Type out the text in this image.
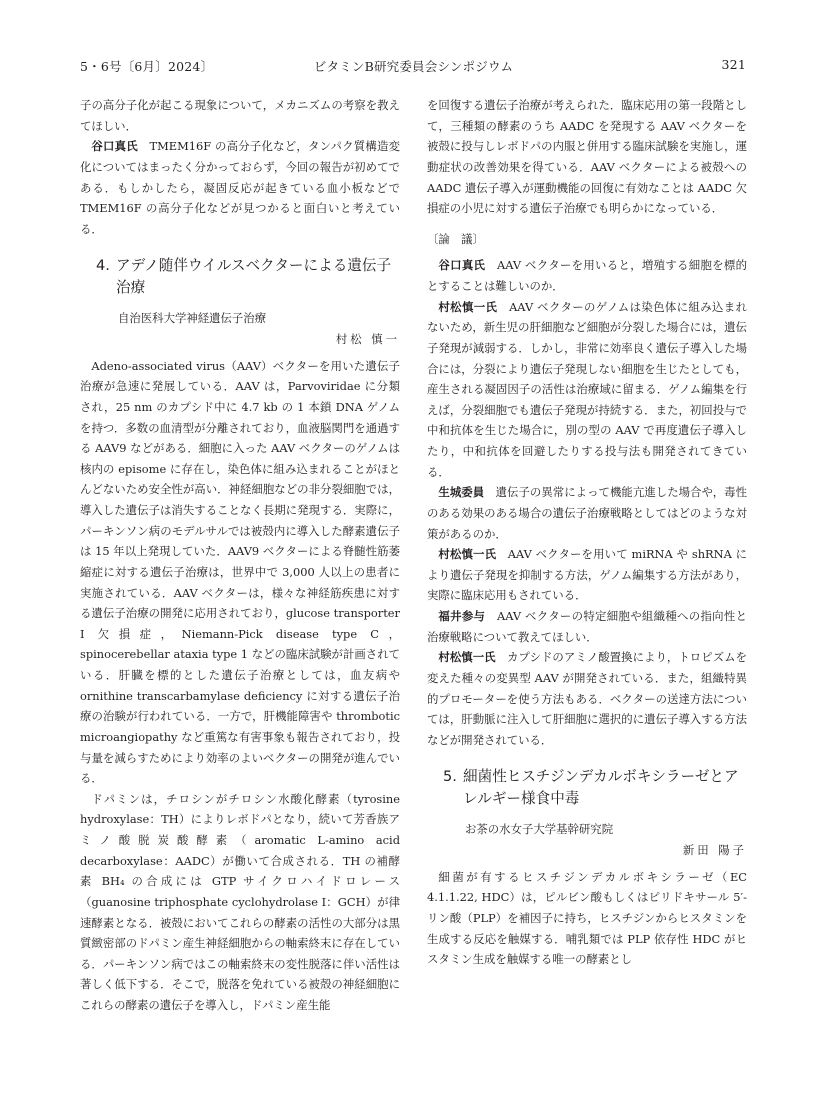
5・6号〔6月〕2024〕	ビタミンB研究委員会シンポジウム	321

子の高分子化が起こる現象について，メカニズムの考察を教えてほしい．

谷口真氏　 TMEM16F の高分子化など，タンパク質構造変化についてはまったく分かっておらず，今回の報告が初めてである．もしかしたら，凝固反応が起きている血小板などで TMEM16F の高分子化などが見つかると面白いと考えている．

4. アデノ随伴ウイルスベクターによる遺伝子治療

自治医科大学神経遺伝子治療

村松 慎一

Adeno-associated virus（AAV）ベクターを用いた遺伝子治療が急速に発展している．AAV は，Parvoviridae に分類され，25 nm のカプシド中に 4.7 kb の 1 本鎖 DNA ゲノムを持つ．多数の血清型が分離されており，血液脳関門を通過する AAV9 などがある．細胞に入った AAV ベクターのゲノムは核内の episome に存在し，染色体に組み込まれることがほとんどないため安全性が高い．神経細胞などの非分裂細胞では，導入した遺伝子は消失することなく長期に発現する．実際に，パーキンソン病のモデルサルでは被殻内に導入した酵素遺伝子は 15 年以上発現していた．AAV9 ベクターによる脊髄性筋萎縮症に対する遺伝子治療は，世界中で 3,000 人以上の患者に実施されている．AAV ベクターは，様々な神経筋疾患に対する遺伝子治療の開発に応用されており，glucose transporter I 欠損症，Niemann-Pick disease type C，spinocerebellar ataxia type 1 などの臨床試験が計画されている．肝臓を標的とした遺伝子治療としては，血友病や ornithine transcarbamylase deficiency に対する遺伝子治療の治験が行われている．一方で，肝機能障害や thrombotic microangiopathy など重篤な有害事象も報告されており，投与量を減らすためにより効率のよいベクターの開発が進んでいる．

ドパミンは，チロシンがチロシン水酸化酵素（tyrosine hydroxylase：TH）によりレボドパとなり，続いて芳香族アミノ酸脱炭酸酵素（aromatic L-amino acid decarboxylase：AADC）が働いて合成される．TH の補酵素 BH₄ の合成には GTP サイクロハイドロレース（guanosine triphosphate cyclohydrolase I：GCH）が律速酵素となる．被殻においてこれらの酵素の活性の大部分は黒質緻密部のドパミン産生神経細胞からの軸索終末に存在している．パーキンソン病ではこの軸索終末の変性脱落に伴い活性は著しく低下する．そこで，脱落を免れている被殻の神経細胞にこれらの酵素の遺伝子を導入し，ドパミン産生能

を回復する遺伝子治療が考えられた．臨床応用の第一段階として，三種類の酵素のうち AADC を発現する AAV ベクターを被殻に投与しレボドパの内服と併用する臨床試験を実施し，運動症状の改善効果を得ている．AAV ベクターによる被殻への AADC 遺伝子導入が運動機能の回復に有効なことは AADC 欠損症の小児に対する遺伝子治療でも明らかになっている．

〔論　議〕

谷口真氏　 AAV ベクターを用いると，増殖する細胞を標的とすることは難しいのか．

村松慎一氏　 AAV ベクターのゲノムは染色体に組み込まれないため，新生児の肝細胞など細胞が分裂した場合には，遺伝子発現が減弱する．しかし，非常に効率良く遺伝子導入した場合には，分裂により遺伝子発現しない細胞を生じたとしても，産生される凝固因子の活性は治療域に留まる．ゲノム編集を行えば，分裂細胞でも遺伝子発現が持続する．また，初回投与で中和抗体を生じた場合に，別の型の AAV で再度遺伝子導入したり，中和抗体を回避したりする投与法も開発されてきている．

生城委員　 遺伝子の異常によって機能亢進した場合や，毒性のある効果のある場合の遺伝子治療戦略としてはどのような対策があるのか．

村松慎一氏　 AAV ベクターを用いて miRNA や shRNA により遺伝子発現を抑制する方法，ゲノム編集する方法があり，実際に臨床応用もされている．

福井参与　 AAV ベクターの特定細胞や組織種への指向性と治療戦略について教えてほしい．

村松慎一氏　 カプシドのアミノ酸置換により，トロピズムを変えた種々の変異型 AAV が開発されている．また，組織特異的プロモーターを使う方法もある．ベクターの送達方法については，肝動脈に注入して肝細胞に選択的に遺伝子導入する方法などが開発されている．

5. 細菌性ヒスチジンデカルボキシラーゼとアレルギー様食中毒

お茶の水女子大学基幹研究院

新田 陽子

細菌が有するヒスチジンデカルボキシラーゼ（EC 4.1.1.22, HDC）は，ピルビン酸もしくはピリドキサール 5′-リン酸（PLP）を補因子に持ち，ヒスチジンからヒスタミンを生成する反応を触媒する．哺乳類では PLP 依存性 HDC がヒスタミン生成を触媒する唯一の酵素とし
